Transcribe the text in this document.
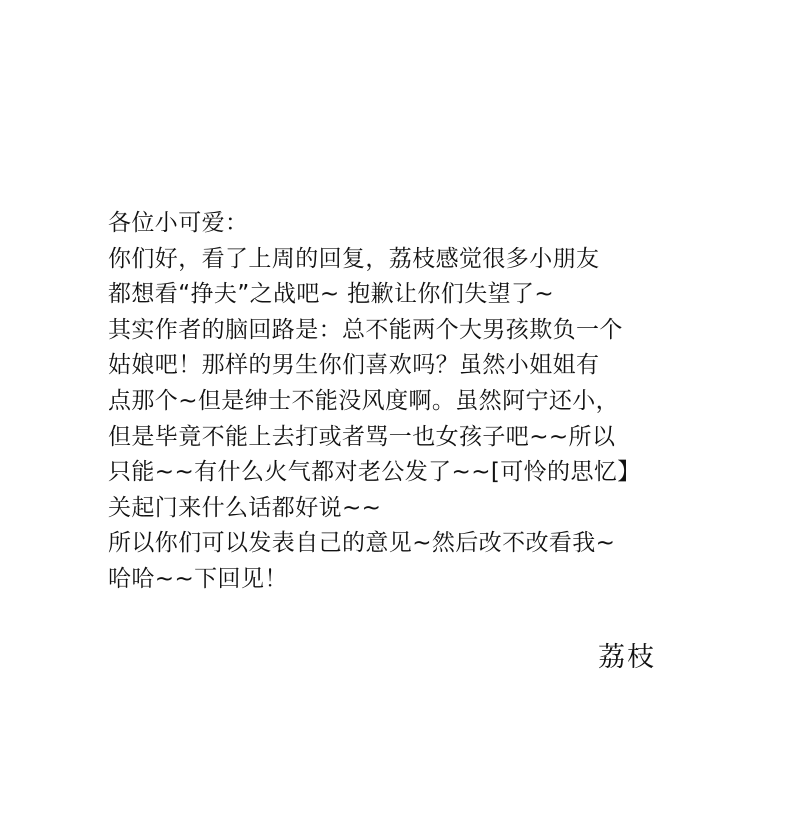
各位小可爱：
你们好，看了上周的回复，荔枝感觉很多小朋友
都想看“挣夫”之战吧~ 抱歉让你们失望了~
其实作者的脑回路是：总不能两个大男孩欺负一个
姑娘吧！那样的男生你们喜欢吗？虽然小姐姐有
点那个~但是绅士不能没风度啊。虽然阿宁还小，
但是毕竟不能上去打或者骂一也女孩子吧~~所以
只能~~有什么火气都对老公发了~~[可怜的思忆】
关起门来什么话都好说~~
所以你们可以发表自己的意见~然后改不改看我~
哈哈~~下回见！
荔枝
